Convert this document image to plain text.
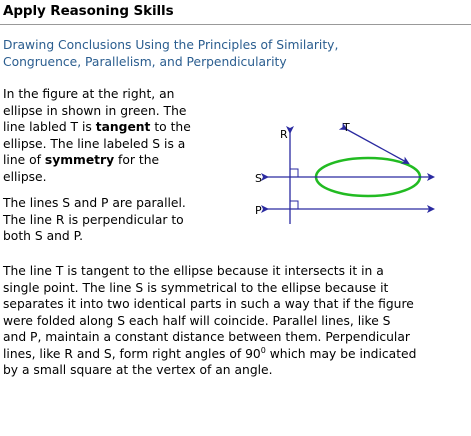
Apply Reasoning Skills
Drawing Conclusions Using the Principles of Similarity,
Congruence, Parallelism, and Perpendicularity
In the figure at the right, an
ellipse in shown in green. The
line labled T is tangent to the
ellipse. The line labeled S is a
line of symmetry for the
ellipse.
The lines S and P are parallel.
The line R is perpendicular to
both S and P.
R
T
S
P
The line T is tangent to the ellipse because it intersects it in a
single point. The line S is symmetrical to the ellipse because it
separates it into two identical parts in such a way that if the figure
were folded along S each half will coincide. Parallel lines, like S
and P, maintain a constant distance between them. Perpendicular
lines, like R and S, form right angles of $90^0$ which may be indicated
by a small square at the vertex of an angle.
